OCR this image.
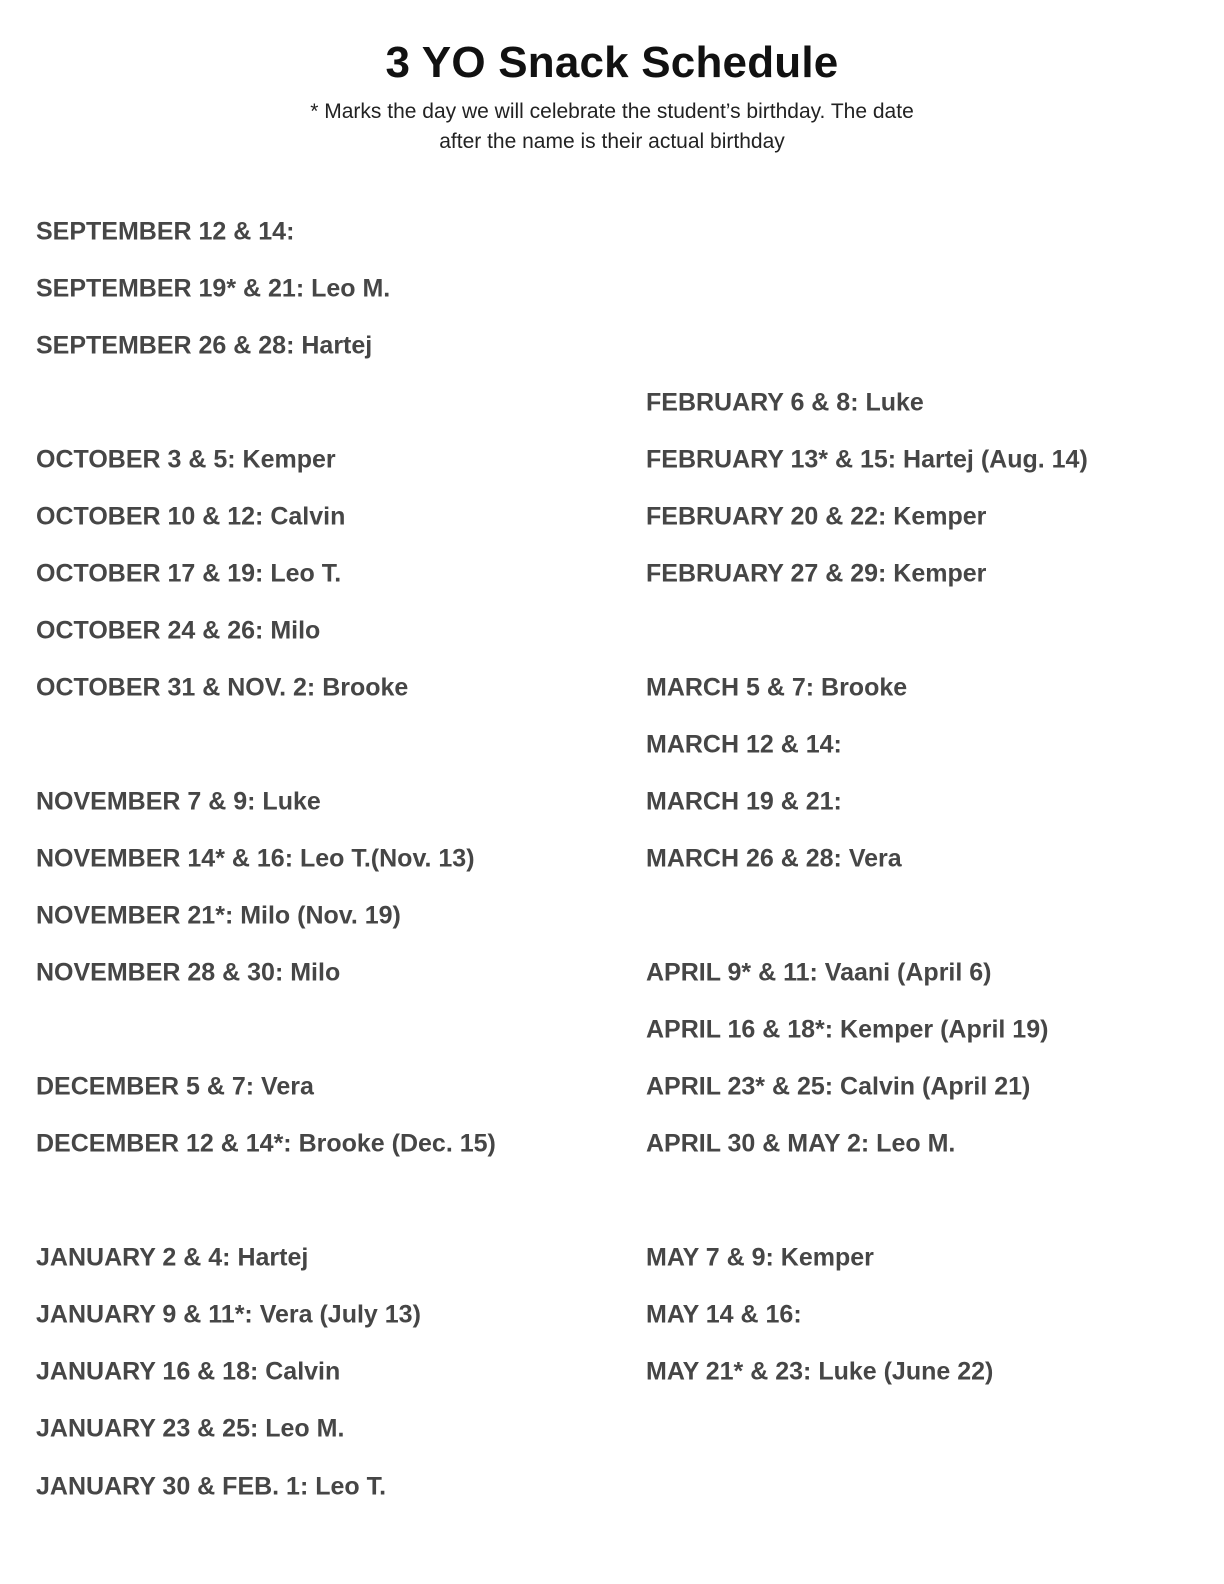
3 YO Snack Schedule
* Marks the day we will celebrate the student’s birthday. The date
after the name is their actual birthday
SEPTEMBER 12 & 14:
SEPTEMBER 19* & 21: Leo M.
SEPTEMBER 26 & 28: Hartej
OCTOBER 3 & 5: Kemper
OCTOBER 10 & 12: Calvin
OCTOBER 17 & 19: Leo T.
OCTOBER 24 & 26: Milo
OCTOBER 31 & NOV. 2: Brooke
NOVEMBER 7 & 9: Luke
NOVEMBER 14* & 16: Leo T.(Nov. 13)
NOVEMBER 21*: Milo (Nov. 19)
NOVEMBER 28 & 30: Milo
DECEMBER 5 & 7: Vera
DECEMBER 12 & 14*: Brooke (Dec. 15)
JANUARY 2 & 4: Hartej
JANUARY 9 & 11*: Vera (July 13)
JANUARY 16 & 18: Calvin
JANUARY 23 & 25: Leo M.
JANUARY 30 & FEB. 1: Leo T.
FEBRUARY 6 & 8: Luke
FEBRUARY 13* & 15: Hartej (Aug. 14)
FEBRUARY 20 & 22: Kemper
FEBRUARY 27 & 29: Kemper
MARCH 5 & 7: Brooke
MARCH 12 & 14:
MARCH 19 & 21:
MARCH 26 & 28: Vera
APRIL 9* & 11: Vaani (April 6)
APRIL 16 & 18*: Kemper (April 19)
APRIL 23* & 25: Calvin (April 21)
APRIL 30 & MAY 2: Leo M.
MAY 7 & 9: Kemper
MAY 14 & 16:
MAY 21* & 23: Luke (June 22)
